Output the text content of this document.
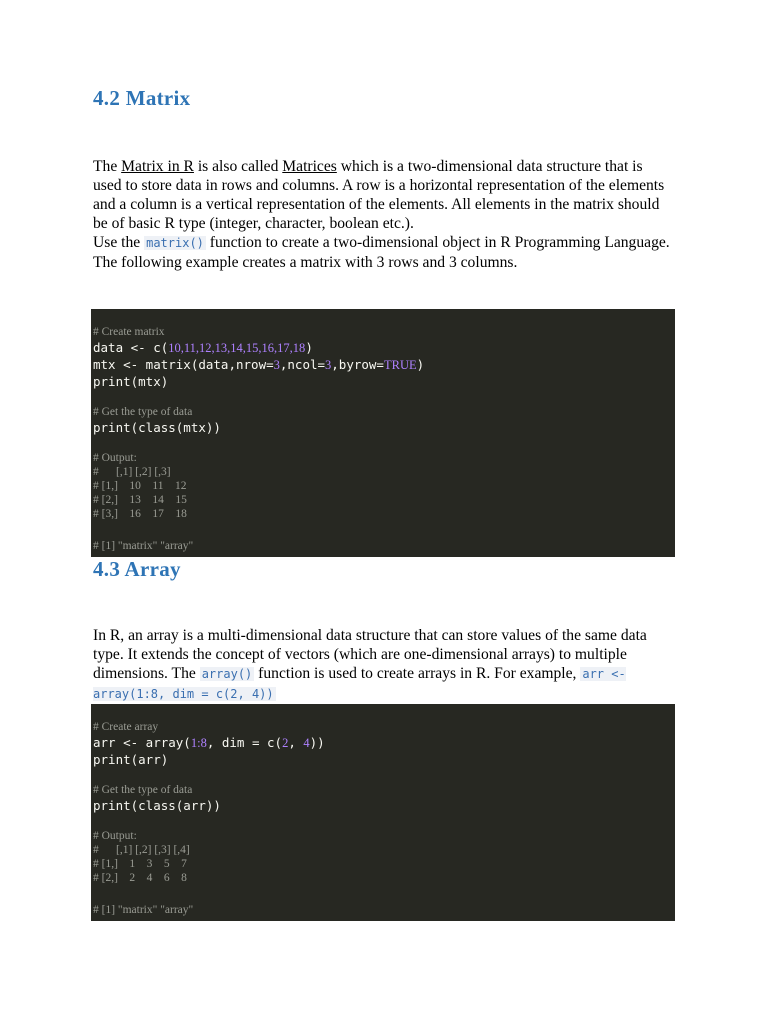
4.2 Matrix

The Matrix in R is also called Matrices which is a two-dimensional data structure that is used to store data in rows and columns. A row is a horizontal representation of the elements and a column is a vertical representation of the elements. All elements in the matrix should be of basic R type (integer, character, boolean etc.).
Use the matrix() function to create a two-dimensional object in R Programming Language. The following example creates a matrix with 3 rows and 3 columns.

# Create matrix
data <- c(10,11,12,13,14,15,16,17,18)
mtx <- matrix(data,nrow=3,ncol=3,byrow=TRUE)
print(mtx)
# Get the type of data
print(class(mtx))
# Output:
#      [,1] [,2] [,3]
# [1,]    10    11    12
# [2,]    13    14    15
# [3,]    16    17    18
# [1] "matrix" "array"
4.3 Array

In R, an array is a multi-dimensional data structure that can store values of the same data type. It extends the concept of vectors (which are one-dimensional arrays) to multiple dimensions. The array() function is used to create arrays in R. For example, arr <- array(1:8, dim = c(2, 4))

# Create array
arr <- array(1:8, dim = c(2, 4))
print(arr)
# Get the type of data
print(class(arr))
# Output:
#      [,1] [,2] [,3] [,4]
# [1,]    1    3    5    7
# [2,]    2    4    6    8
# [1] "matrix" "array"
